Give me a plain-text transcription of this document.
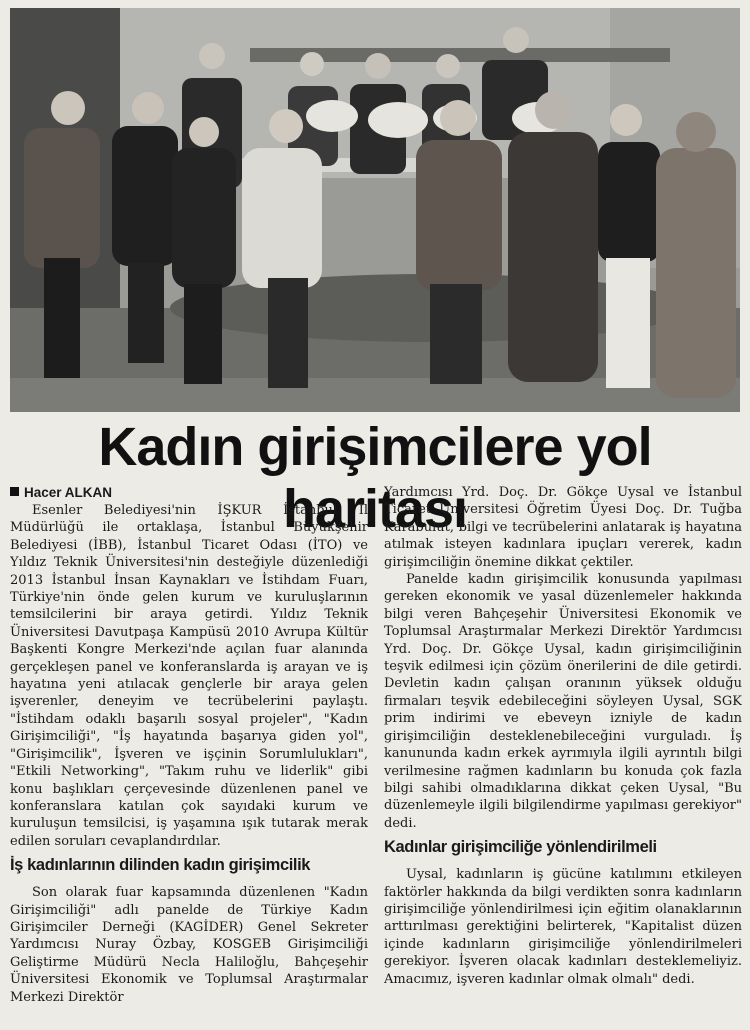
Kadın girişimcilere yol haritası

Hacer ALKAN

Esenler Belediyesi'nin İŞKUR İstanbul İl Müdürlüğü ile ortaklaşa, İstanbul Büyükşehir Belediyesi (İBB), İstanbul Ticaret Odası (İTO) ve Yıldız Teknik Üniversitesi'nin desteğiyle düzenlediği 2013 İstanbul İnsan Kaynakları ve İstihdam Fuarı, Türkiye'nin önde gelen kurum ve kuruluşlarının temsilcilerini bir araya getirdi. Yıldız Teknik Üniversitesi Davutpaşa Kampüsü 2010 Avrupa Kültür Başkenti Kongre Merkezi'nde açılan fuar alanında gerçekleşen panel ve konferanslarda iş arayan ve iş hayatına yeni atılacak gençlerle bir araya gelen işverenler, deneyim ve tecrübelerini paylaştı. "İstihdam odaklı başarılı sosyal projeler", "Kadın Girişimciliği", "İş hayatında başarıya giden yol", "Girişimcilik", İşveren ve işçinin Sorumlulukları", "Etkili Networking", "Takım ruhu ve liderlik" gibi konu başlıkları çerçevesinde düzenlenen panel ve konferanslara katılan çok sayıdaki kurum ve kuruluşun temsilcisi, iş yaşamına ışık tutarak merak edilen soruları cevaplandırdılar.

İş kadınlarının dilinden kadın girişimcilik

Son olarak fuar kapsamında düzenlenen "Kadın Girişimciliği" adlı panelde de Türkiye Kadın Girişimciler Derneği (KAGİDER) Genel Sekreter Yardımcısı Nuray Özbay, KOSGEB Girişimciliği Geliştirme Müdürü Necla Haliloğlu, Bahçeşehir Üniversitesi Ekonomik ve Toplumsal Araştırmalar Merkezi Direktör

Yardımcısı Yrd. Doç. Dr. Gökçe Uysal ve İstanbul Ticaret Üniversitesi Öğretim Üyesi Doç. Dr. Tuğba Karabulut, bilgi ve tecrübelerini anlatarak iş hayatına atılmak isteyen kadınlara ipuçları vererek, kadın girişimciliğin önemine dikkat çektiler.

Panelde kadın girişimcilik konusunda yapılması gereken ekonomik ve yasal düzenlemeler hakkında bilgi veren Bahçeşehir Üniversitesi Ekonomik ve Toplumsal Araştırmalar Merkezi Direktör Yardımcısı Yrd. Doç. Dr. Gökçe Uysal, kadın girişimciliğinin teşvik edilmesi için çözüm önerilerini de dile getirdi. Devletin kadın çalışan oranının yüksek olduğu firmaları teşvik edebileceğini söyleyen Uysal, SGK prim indirimi ve ebeveyn izniyle de kadın girişimciliğin desteklenebileceğini vurguladı. İş kanununda kadın erkek ayrımıyla ilgili ayrıntılı bilgi verilmesine rağmen kadınların bu konuda çok fazla bilgi sahibi olmadıklarına dikkat çeken Uysal, "Bu düzenlemeyle ilgili bilgilendirme yapılması gerekiyor" dedi.

Kadınlar girişimciliğe yönlendirilmeli

Uysal, kadınların iş gücüne katılımını etkileyen faktörler hakkında da bilgi verdikten sonra kadınların girişimciliğe yönlendirilmesi için eğitim olanaklarının arttırılması gerektiğini belirterek, "Kapitalist düzen içinde kadınların girişimciliğe yönlendirilmeleri gerekiyor. İşveren olacak kadınları desteklemeliyiz. Amacımız, işveren kadınlar olmak olmalı" dedi.
